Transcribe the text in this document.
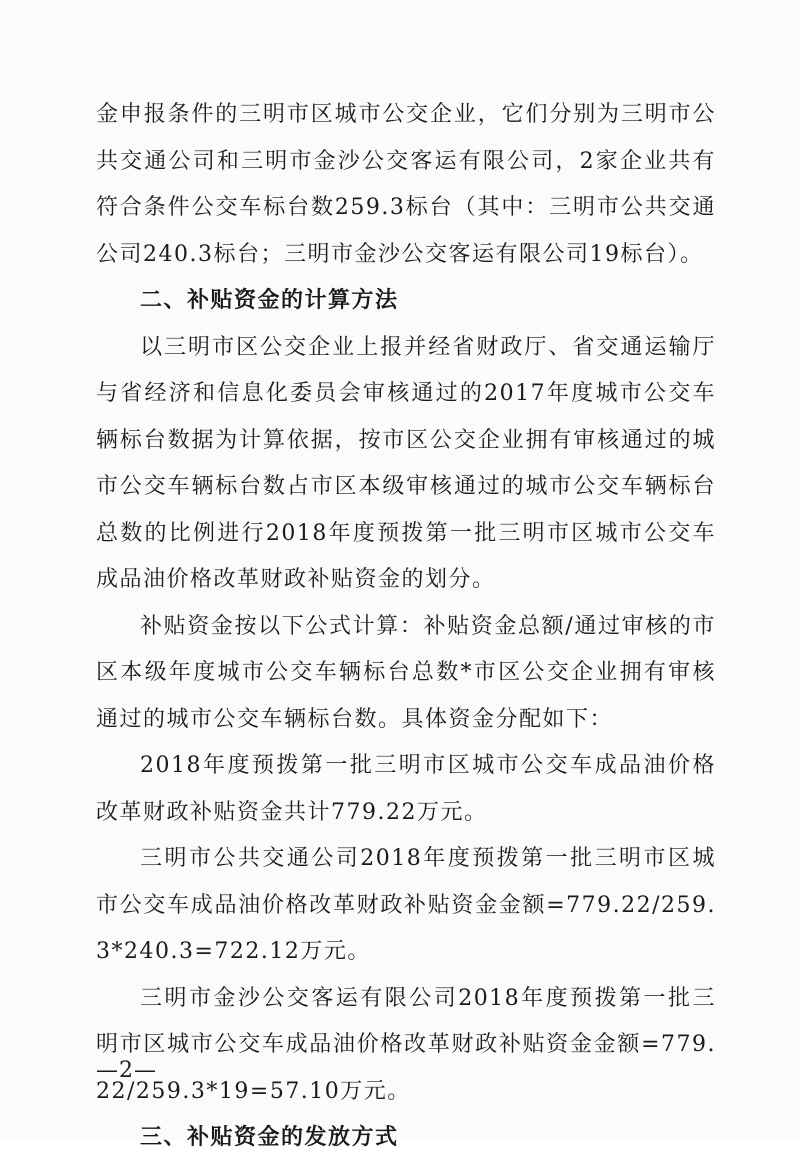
金申报条件的三明市区城市公交企业，它们分别为三明市公共交通公司和三明市金沙公交客运有限公司，2家企业共有符合条件公交车标台数259.3标台（其中：三明市公共交通公司240.3标台；三明市金沙公交客运有限公司19标台）。

二、补贴资金的计算方法

以三明市区公交企业上报并经省财政厅、省交通运输厅与省经济和信息化委员会审核通过的2017年度城市公交车辆标台数据为计算依据，按市区公交企业拥有审核通过的城市公交车辆标台数占市区本级审核通过的城市公交车辆标台总数的比例进行2018年度预拨第一批三明市区城市公交车成品油价格改革财政补贴资金的划分。

补贴资金按以下公式计算：补贴资金总额/通过审核的市区本级年度城市公交车辆标台总数*市区公交企业拥有审核通过的城市公交车辆标台数。具体资金分配如下：

2018年度预拨第一批三明市区城市公交车成品油价格改革财政补贴资金共计779.22万元。

三明市公共交通公司2018年度预拨第一批三明市区城市公交车成品油价格改革财政补贴资金金额=779.22/259.3*240.3=722.12万元。

三明市金沙公交客运有限公司2018年度预拨第一批三明市区城市公交车成品油价格改革财政补贴资金金额=779.22/259.3*19=57.10万元。

三、补贴资金的发放方式
—2—
